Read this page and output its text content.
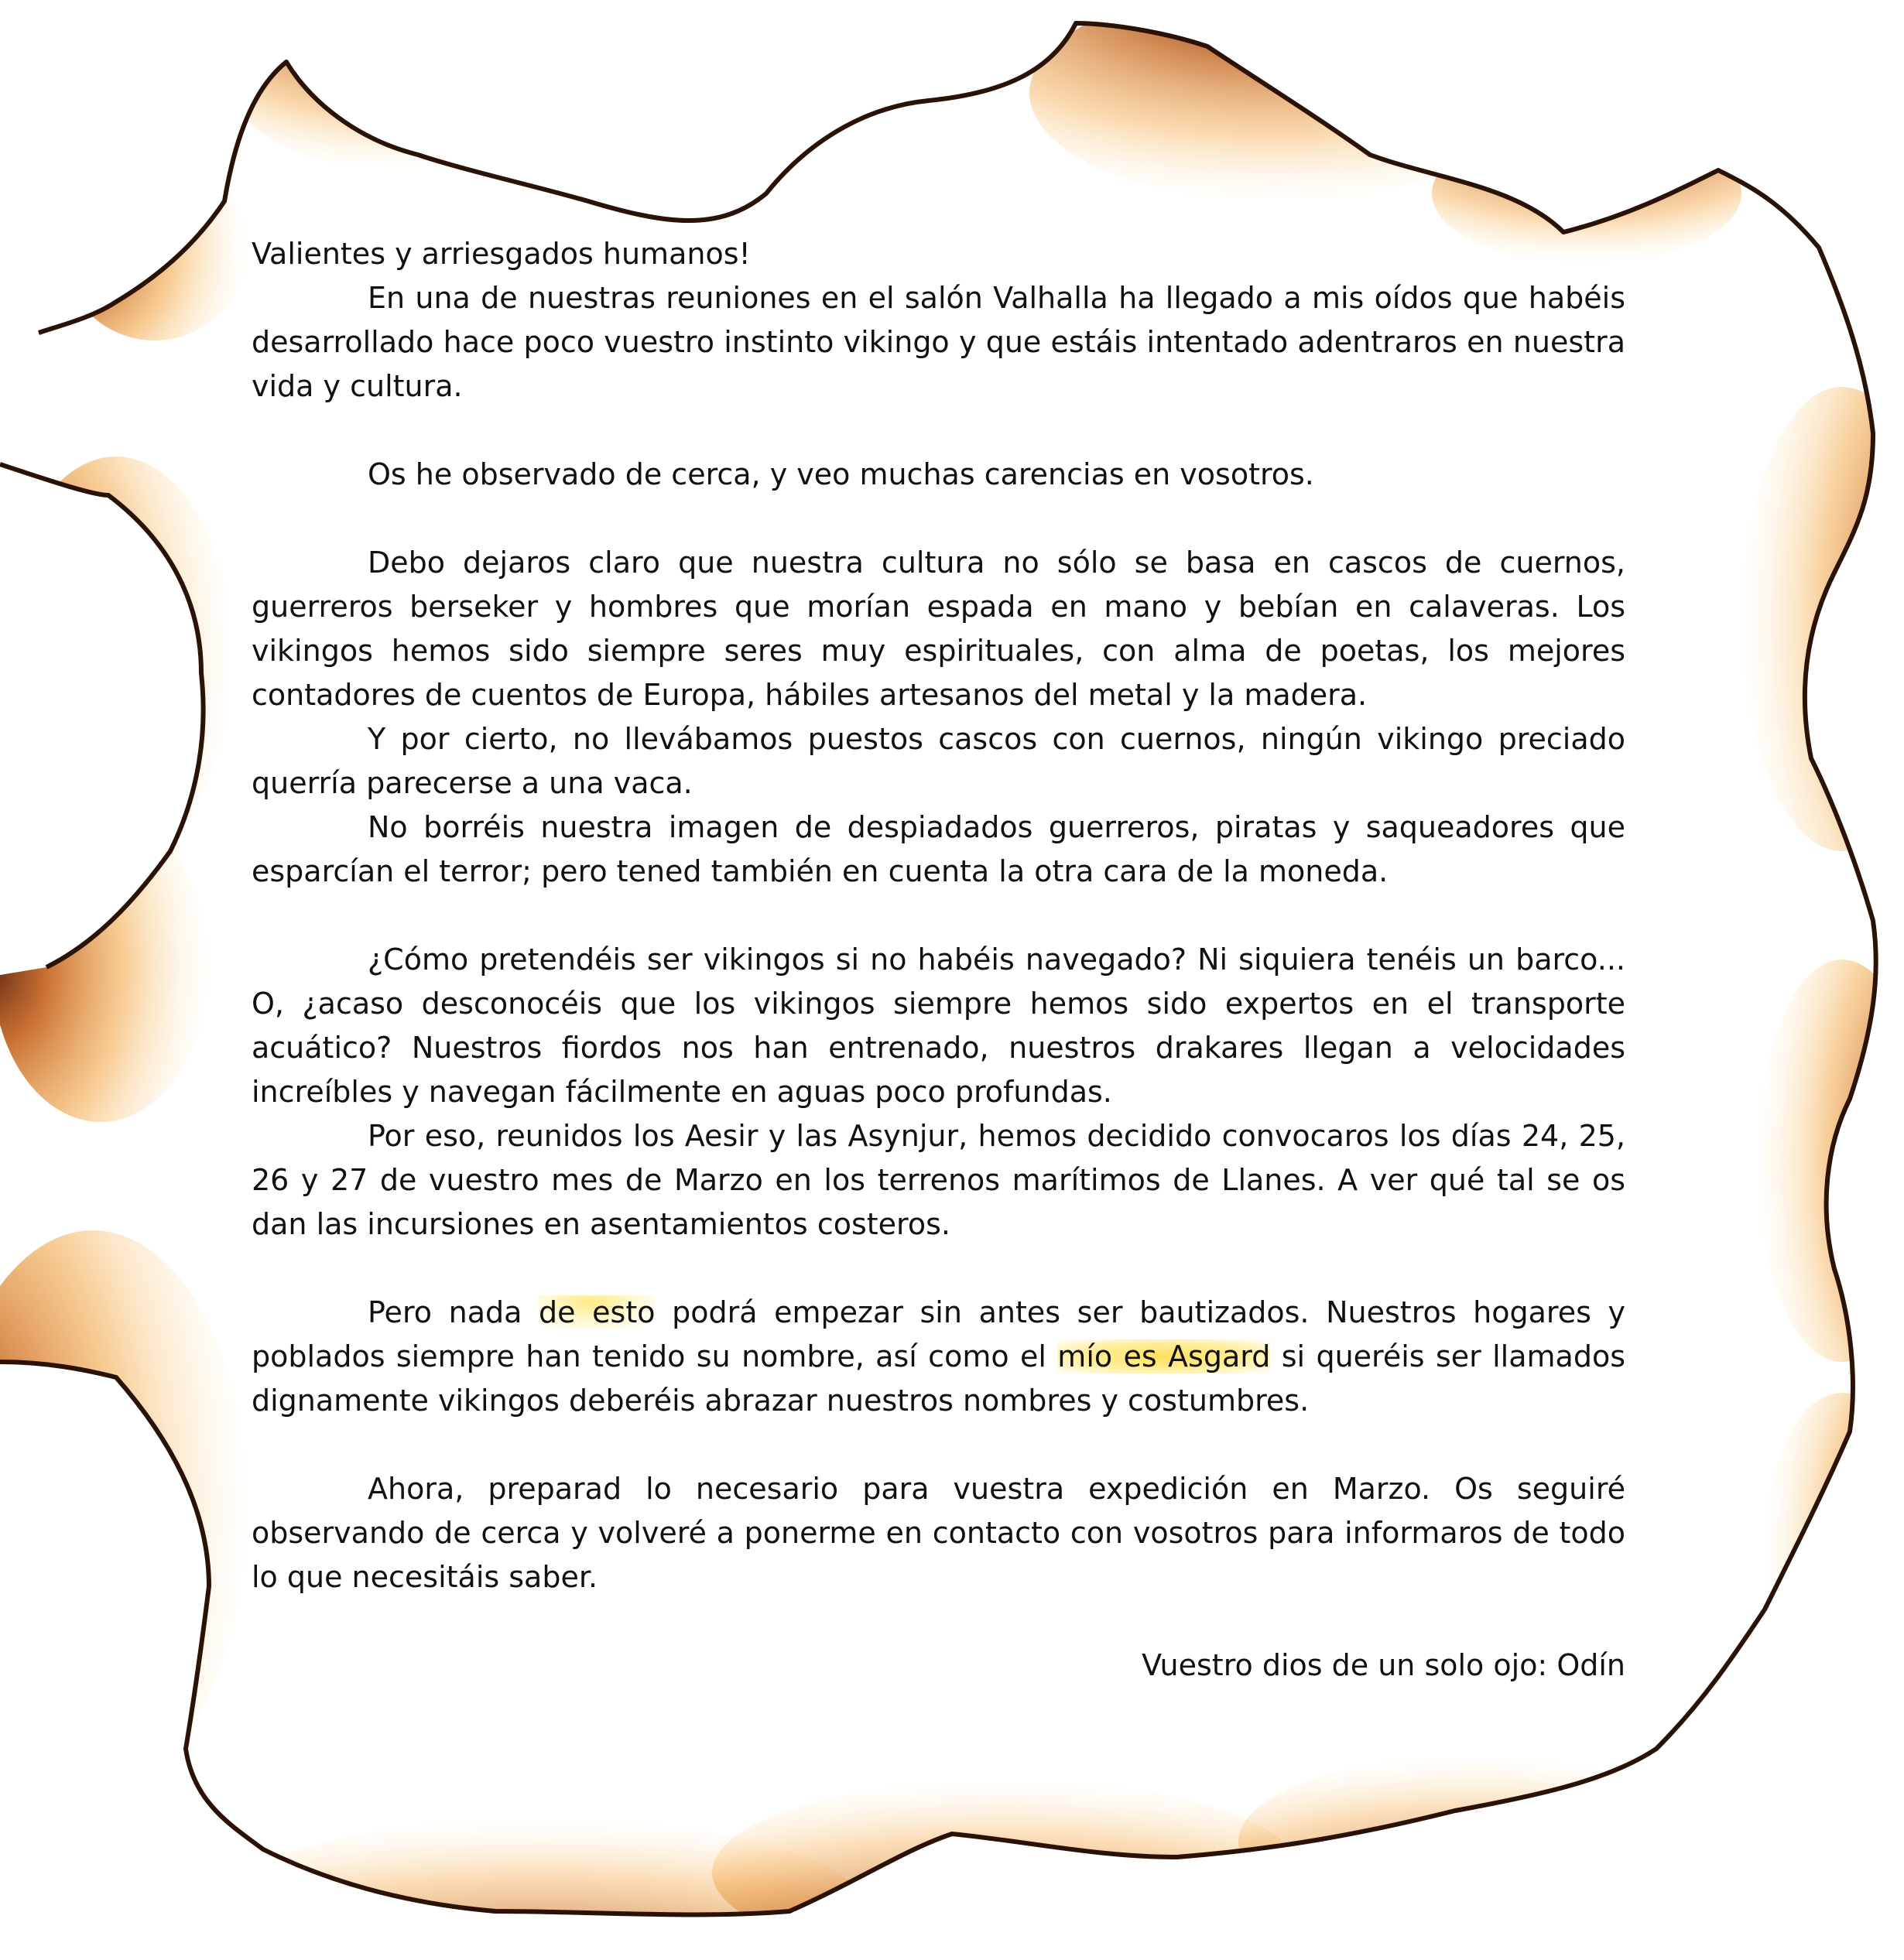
Valientes y arriesgados humanos!

En una de nuestras reuniones en el salón Valhalla ha llegado a mis oídos que habéis desarrollado hace poco vuestro instinto vikingo y que estáis intentado adentraros en nuestra vida y cultura.

Os he observado de cerca, y veo muchas carencias en vosotros.

Debo dejaros claro que nuestra cultura no sólo se basa en cascos de cuernos, guerreros berseker y hombres que morían espada en mano y bebían en calaveras. Los vikingos hemos sido siempre seres muy espirituales, con alma de poetas, los mejores contadores de cuentos de Europa, hábiles artesanos del metal y la madera.

Y por cierto, no llevábamos puestos cascos con cuernos, ningún vikingo preciado querría parecerse a una vaca.

No borréis nuestra imagen de despiadados guerreros, piratas y saqueadores que esparcían el terror; pero tened también en cuenta la otra cara de la moneda.

¿Cómo pretendéis ser vikingos si no habéis navegado? Ni siquiera tenéis un barco... O, ¿acaso desconocéis que los vikingos siempre hemos sido expertos en el transporte acuático? Nuestros fiordos nos han entrenado, nuestros drakares llegan a velocidades increíbles y navegan fácilmente en aguas poco profundas.

Por eso, reunidos los Aesir y las Asynjur, hemos decidido convocaros los días 24, 25, 26 y 27 de vuestro mes de Marzo en los terrenos marítimos de Llanes. A ver qué tal se os dan las incursiones en asentamientos costeros.

Pero nada de esto podrá empezar sin antes ser bautizados. Nuestros hogares y poblados siempre han tenido su nombre, así como el mío es Asgard si queréis ser llamados dignamente vikingos deberéis abrazar nuestros nombres y costumbres.

Ahora, preparad lo necesario para vuestra expedición en Marzo. Os seguiré observando de cerca y volveré a ponerme en contacto con vosotros para informaros de todo lo que necesitáis saber.

Vuestro dios de un solo ojo: Odín
